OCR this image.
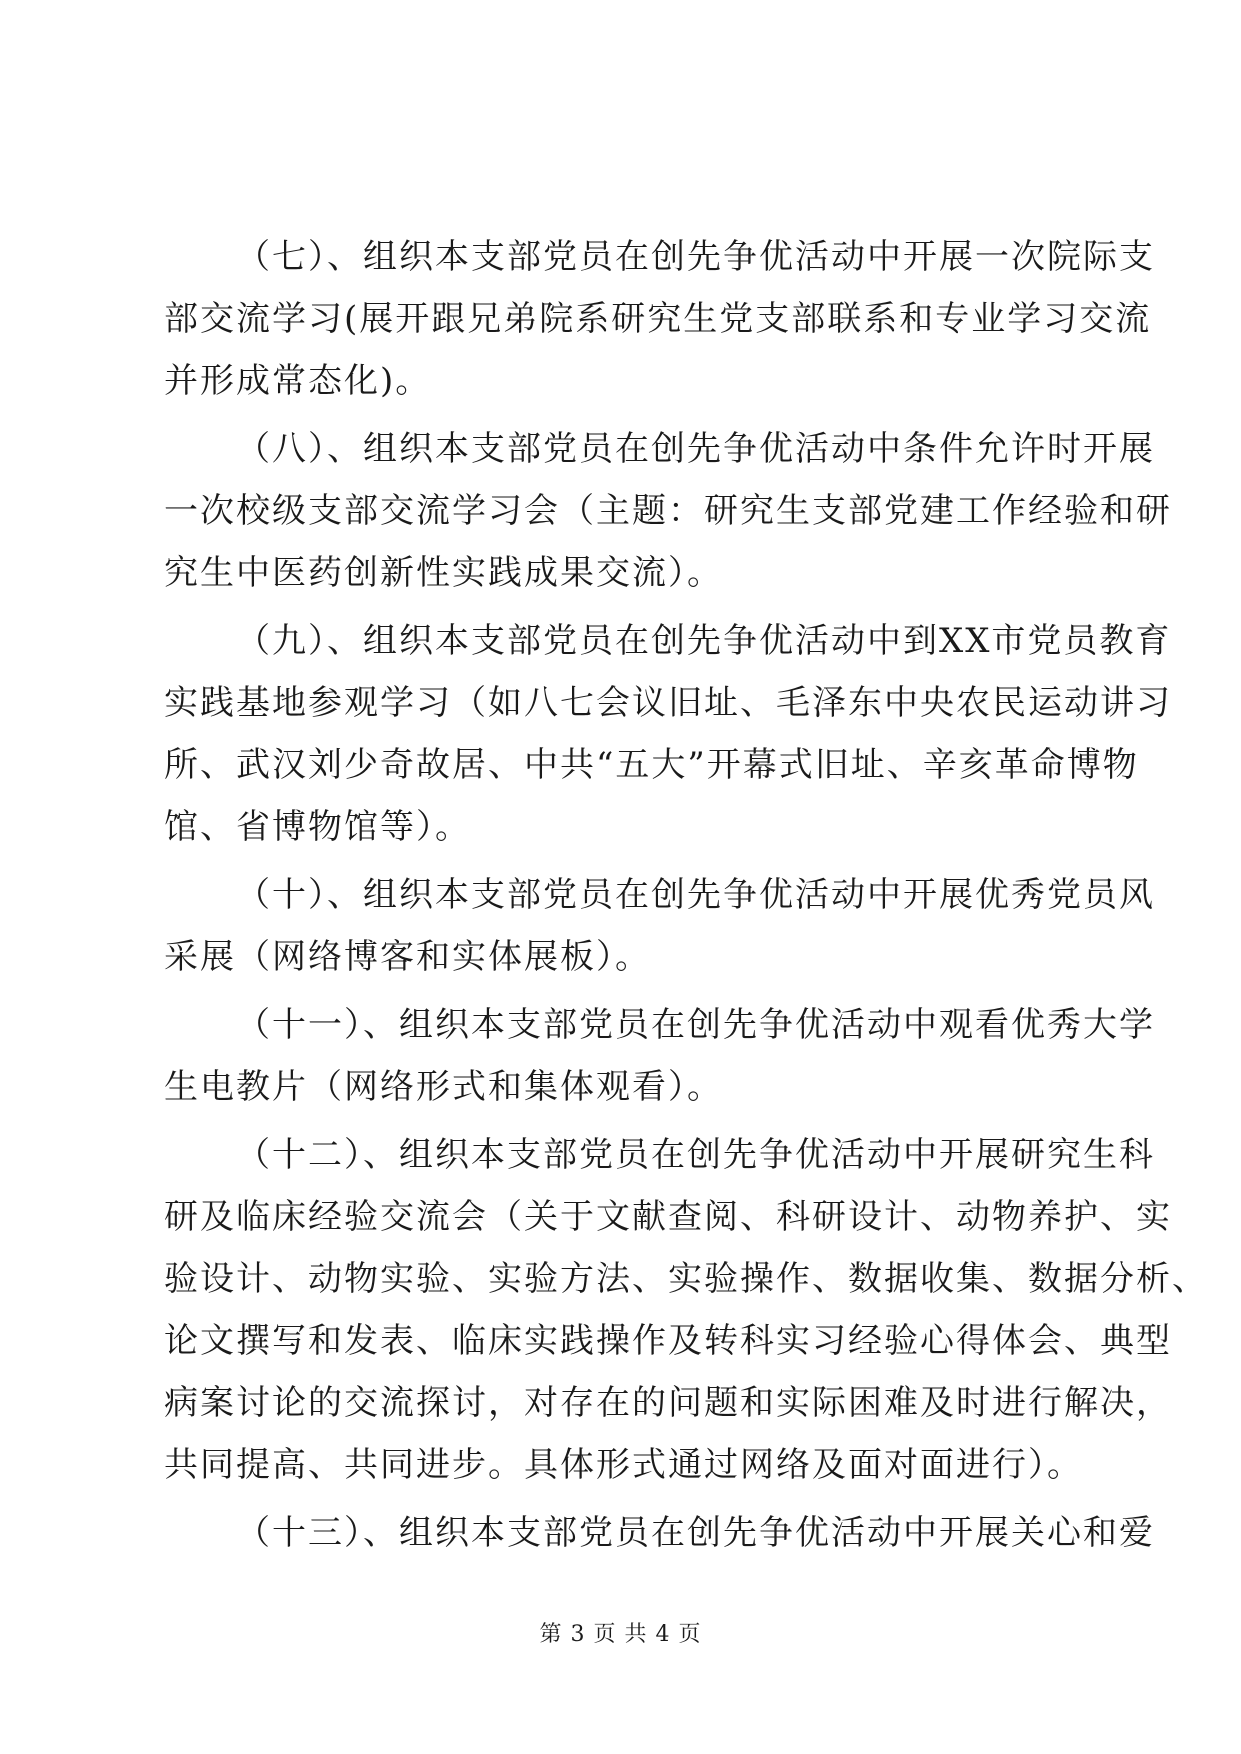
（七）、组织本支部党员在创先争优活动中开展一次院际支
部交流学习(展开跟兄弟院系研究生党支部联系和专业学习交流
并形成常态化)。

（八）、组织本支部党员在创先争优活动中条件允许时开展
一次校级支部交流学习会（主题：研究生支部党建工作经验和研
究生中医药创新性实践成果交流）。

（九）、组织本支部党员在创先争优活动中到XX市党员教育
实践基地参观学习（如八七会议旧址、毛泽东中央农民运动讲习
所、武汉刘少奇故居、中共“五大”开幕式旧址、辛亥革命博物
馆、省博物馆等）。

（十）、组织本支部党员在创先争优活动中开展优秀党员风
采展（网络博客和实体展板）。

（十一）、组织本支部党员在创先争优活动中观看优秀大学
生电教片（网络形式和集体观看）。

（十二）、组织本支部党员在创先争优活动中开展研究生科
研及临床经验交流会（关于文献查阅、科研设计、动物养护、实
验设计、动物实验、实验方法、实验操作、数据收集、数据分析、
论文撰写和发表、临床实践操作及转科实习经验心得体会、典型
病案讨论的交流探讨，对存在的问题和实际困难及时进行解决，
共同提高、共同进步。具体形式通过网络及面对面进行）。

（十三）、组织本支部党员在创先争优活动中开展关心和爱

第 3 页 共 4 页
